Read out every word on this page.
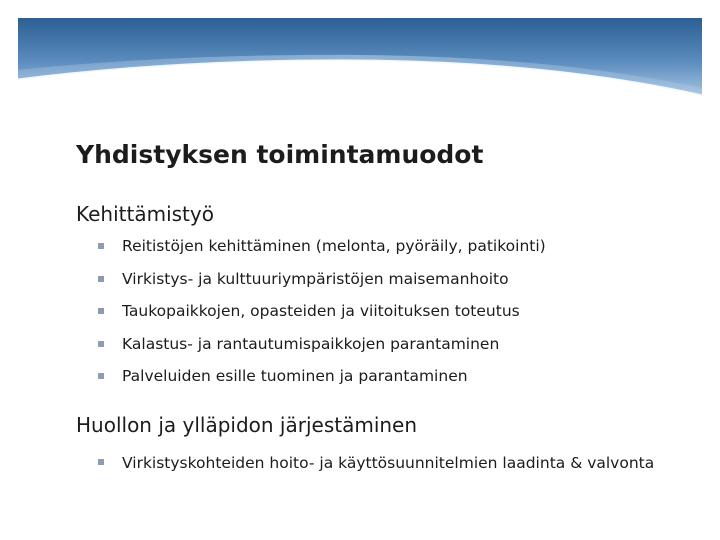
Yhdistyksen toimintamuodot
Kehittämistyö
Reitistöjen kehittäminen (melonta, pyöräily, patikointi)
Virkistys- ja kulttuuriympäristöjen maisemanhoito
Taukopaikkojen, opasteiden ja viitoituksen toteutus
Kalastus- ja rantautumispaikkojen parantaminen
Palveluiden esille tuominen ja parantaminen
Huollon ja ylläpidon järjestäminen
Virkistyskohteiden hoito- ja käyttösuunnitelmien laadinta & valvonta
